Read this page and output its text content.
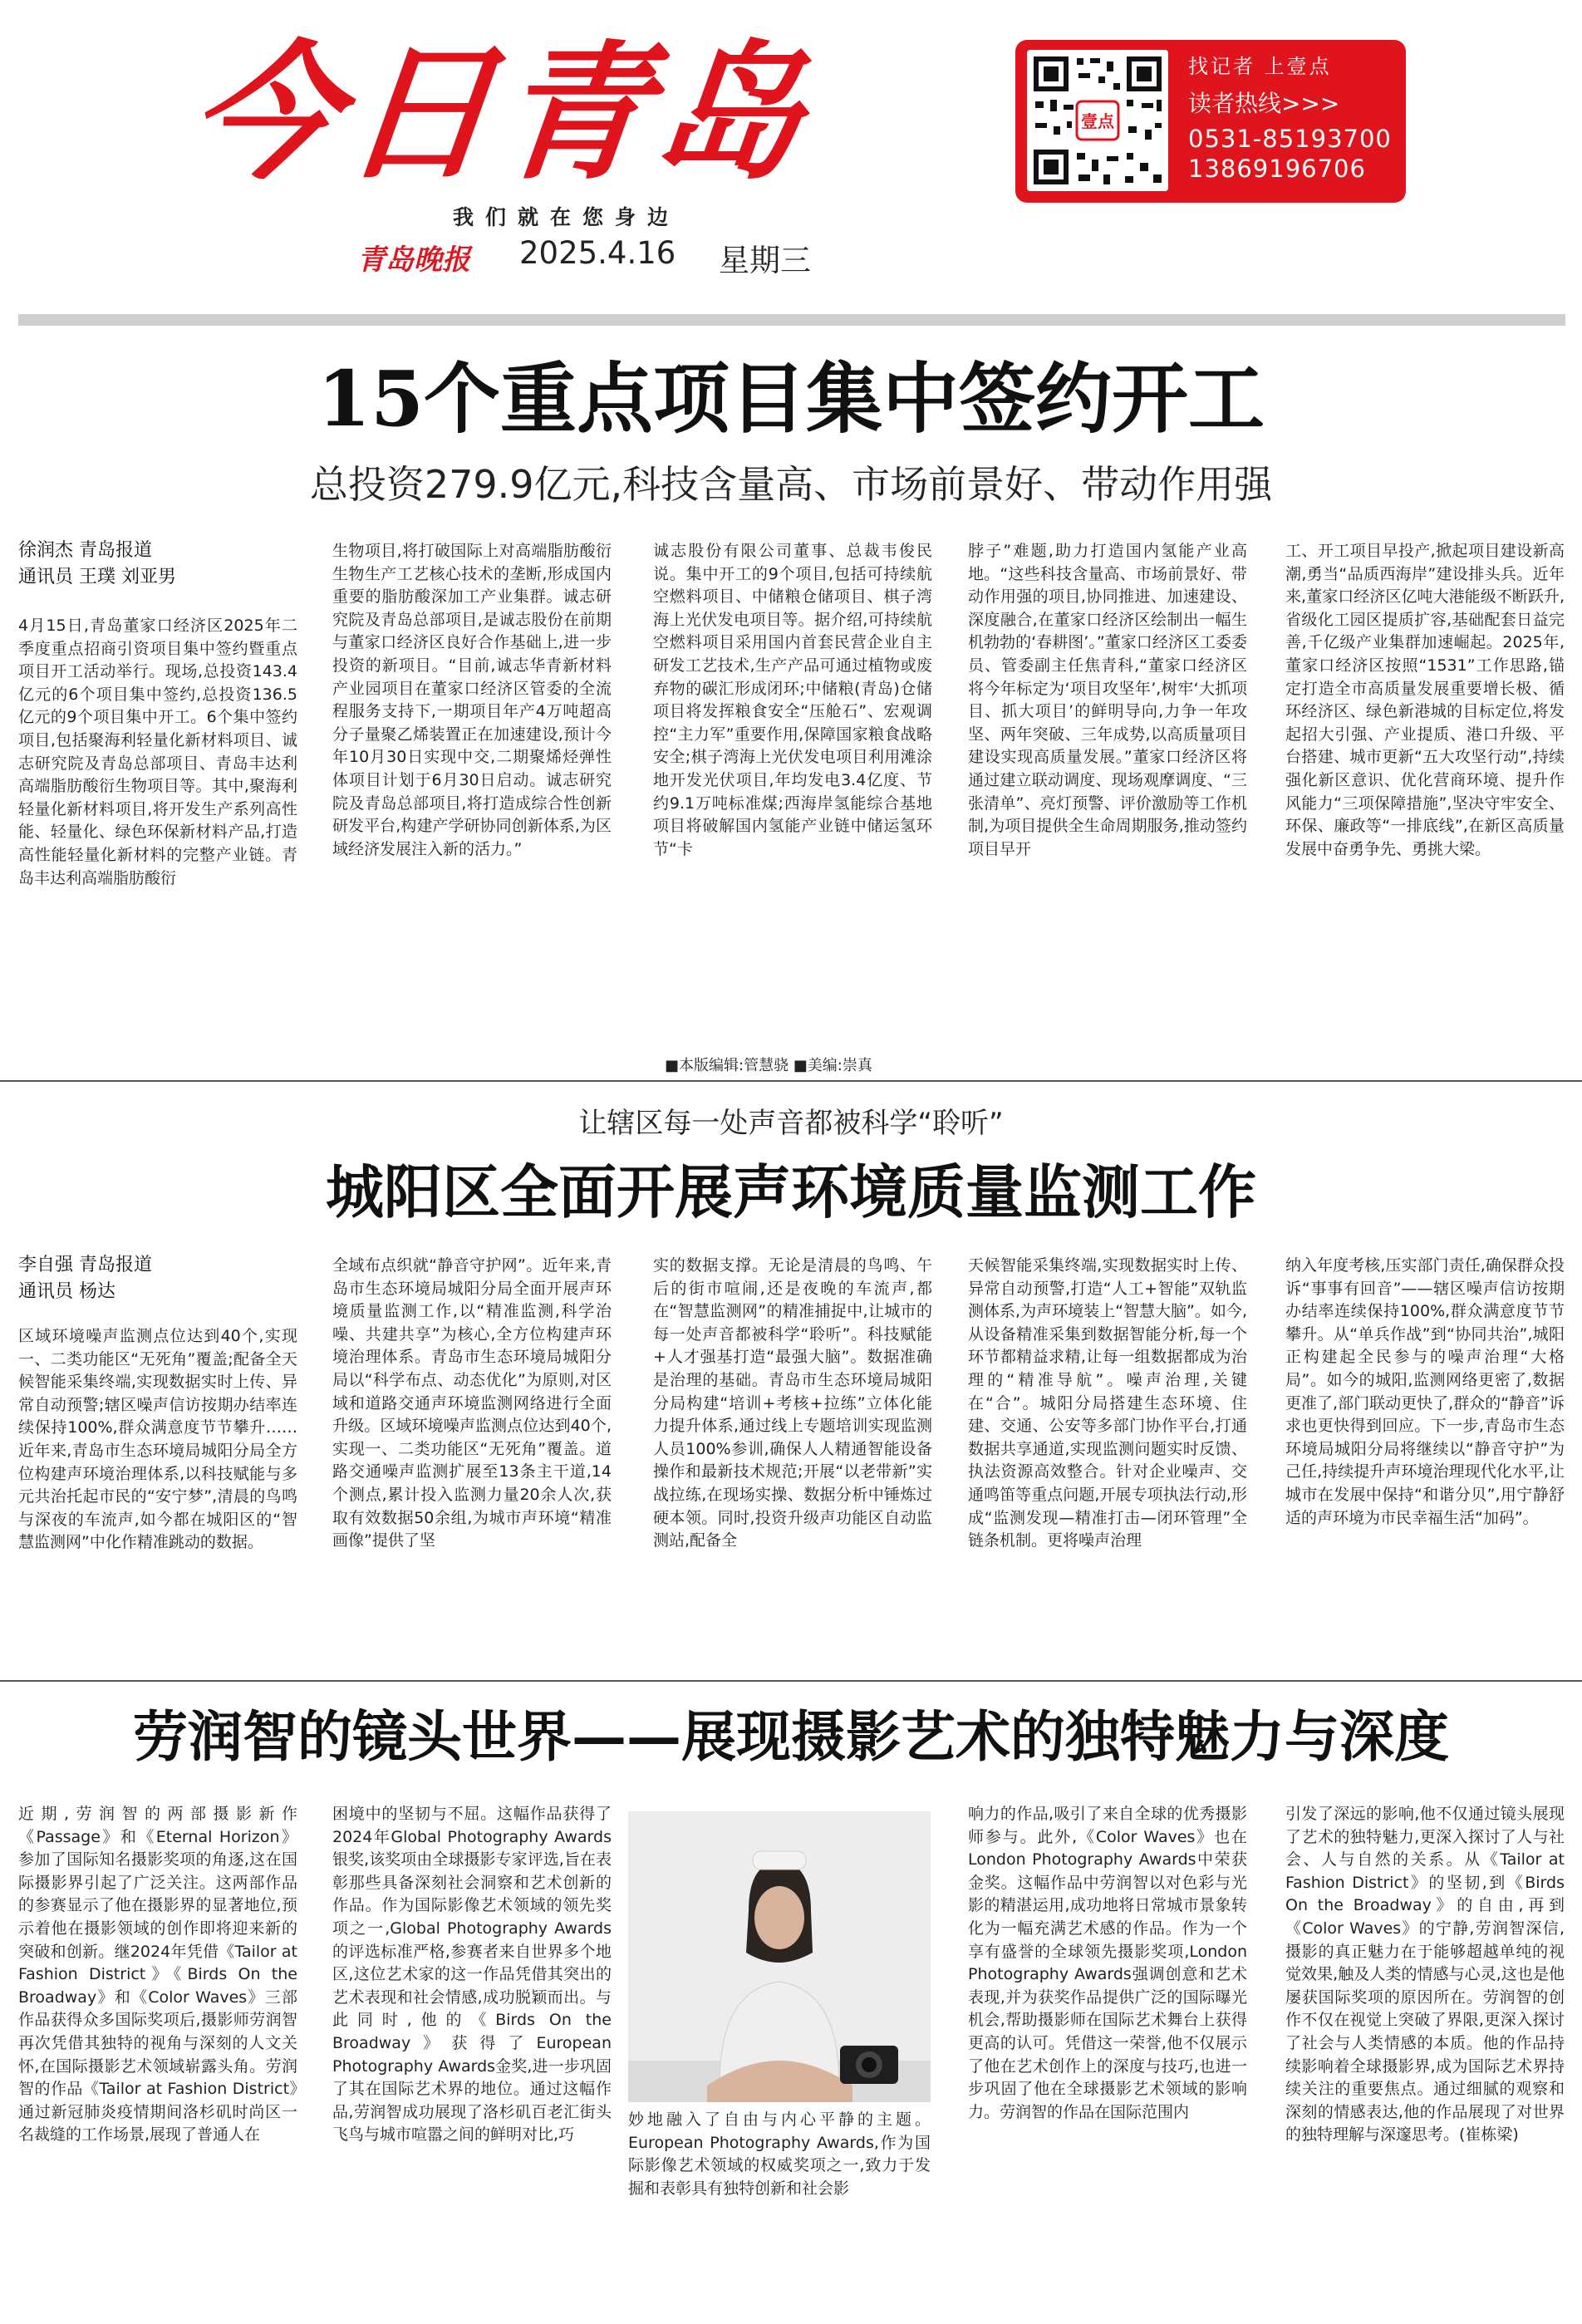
今日青岛
我们就在您身边
青岛晚报 2025.4.16 星期三
壹点
找记者 上壹点
读者热线>>>
0531-85193700
13869196706
15个重点项目集中签约开工
总投资279.9亿元,科技含量高、市场前景好、带动作用强
徐润杰 青岛报道
通讯员 王璞 刘亚男
4月15日,青岛董家口经济区2025年二季度重点招商引资项目集中签约暨重点项目开工活动举行。现场,总投资143.4亿元的6个项目集中签约,总投资136.5亿元的9个项目集中开工。6个集中签约项目,包括聚海利轻量化新材料项目、诚志研究院及青岛总部项目、青岛丰达利高端脂肪酸衍生物项目等。其中,聚海利轻量化新材料项目,将开发生产系列高性能、轻量化、绿色环保新材料产品,打造高性能轻量化新材料的完整产业链。青岛丰达利高端脂肪酸衍
生物项目,将打破国际上对高端脂肪酸衍生物生产工艺核心技术的垄断,形成国内重要的脂肪酸深加工产业集群。诚志研究院及青岛总部项目,是诚志股份在前期与董家口经济区良好合作基础上,进一步投资的新项目。“目前,诚志华青新材料产业园项目在董家口经济区管委的全流程服务支持下,一期项目年产4万吨超高分子量聚乙烯装置正在加速建设,预计今年10月30日实现中交,二期聚烯烃弹性体项目计划于6月30日启动。诚志研究院及青岛总部项目,将打造成综合性创新研发平台,构建产学研协同创新体系,为区域经济发展注入新的活力。”
诚志股份有限公司董事、总裁韦俊民说。集中开工的9个项目,包括可持续航空燃料项目、中储粮仓储项目、棋子湾海上光伏发电项目等。据介绍,可持续航空燃料项目采用国内首套民营企业自主研发工艺技术,生产产品可通过植物或废弃物的碳汇形成闭环;中储粮(青岛)仓储项目将发挥粮食安全“压舱石”、宏观调控“主力军”重要作用,保障国家粮食战略安全;棋子湾海上光伏发电项目利用滩涂地开发光伏项目,年均发电3.4亿度、节约9.1万吨标准煤;西海岸氢能综合基地项目将破解国内氢能产业链中储运氢环节“卡
脖子”难题,助力打造国内氢能产业高地。“这些科技含量高、市场前景好、带动作用强的项目,协同推进、加速建设、深度融合,在董家口经济区绘制出一幅生机勃勃的‘春耕图’。”董家口经济区工委委员、管委副主任焦青科,“董家口经济区将今年标定为‘项目攻坚年’,树牢‘大抓项目、抓大项目’的鲜明导向,力争一年攻坚、两年突破、三年成势,以高质量项目建设实现高质量发展。”董家口经济区将通过建立联动调度、现场观摩调度、“三张清单”、亮灯预警、评价激励等工作机制,为项目提供全生命周期服务,推动签约项目早开
工、开工项目早投产,掀起项目建设新高潮,勇当“品质西海岸”建设排头兵。近年来,董家口经济区亿吨大港能级不断跃升,省级化工园区提质扩容,基础配套日益完善,千亿级产业集群加速崛起。2025年,董家口经济区按照“1531”工作思路,锚定打造全市高质量发展重要增长极、循环经济区、绿色新港城的目标定位,将发起招大引强、产业提质、港口升级、平台搭建、城市更新“五大攻坚行动”,持续强化新区意识、优化营商环境、提升作风能力“三项保障措施”,坚决守牢安全、环保、廉政等“一排底线”,在新区高质量发展中奋勇争先、勇挑大梁。
■本版编辑:管慧骁 ■美编:崇真
让辖区每一处声音都被科学“聆听”
城阳区全面开展声环境质量监测工作
李自强 青岛报道
通讯员 杨达
区域环境噪声监测点位达到40个,实现一、二类功能区“无死角”覆盖;配备全天候智能采集终端,实现数据实时上传、异常自动预警;辖区噪声信访按期办结率连续保持100%,群众满意度节节攀升……近年来,青岛市生态环境局城阳分局全方位构建声环境治理体系,以科技赋能与多元共治托起市民的“安宁梦”,清晨的鸟鸣与深夜的车流声,如今都在城阳区的“智慧监测网”中化作精准跳动的数据。
全域布点织就“静音守护网”。近年来,青岛市生态环境局城阳分局全面开展声环境质量监测工作,以“精准监测,科学治噪、共建共享”为核心,全方位构建声环境治理体系。青岛市生态环境局城阳分局以“科学布点、动态优化”为原则,对区域和道路交通声环境监测网络进行全面升级。区域环境噪声监测点位达到40个,实现一、二类功能区“无死角”覆盖。道路交通噪声监测扩展至13条主干道,14个测点,累计投入监测力量20余人次,获取有效数据50余组,为城市声环境“精准画像”提供了坚
实的数据支撑。无论是清晨的鸟鸣、午后的街市喧闹,还是夜晚的车流声,都在“智慧监测网”的精准捕捉中,让城市的每一处声音都被科学“聆听”。科技赋能+人才强基打造“最强大脑”。数据准确是治理的基础。青岛市生态环境局城阳分局构建“培训+考核+拉练”立体化能力提升体系,通过线上专题培训实现监测人员100%参训,确保人人精通智能设备操作和最新技术规范;开展“以老带新”实战拉练,在现场实操、数据分析中锤炼过硬本领。同时,投资升级声功能区自动监测站,配备全
天候智能采集终端,实现数据实时上传、异常自动预警,打造“人工+智能”双轨监测体系,为声环境装上“智慧大脑”。如今,从设备精准采集到数据智能分析,每一个环节都精益求精,让每一组数据都成为治理的“精准导航”。噪声治理,关键在“合”。城阳分局搭建生态环境、住建、交通、公安等多部门协作平台,打通数据共享通道,实现监测问题实时反馈、执法资源高效整合。针对企业噪声、交通鸣笛等重点问题,开展专项执法行动,形成“监测发现—精准打击—闭环管理”全链条机制。更将噪声治理
纳入年度考核,压实部门责任,确保群众投诉“事事有回音”——辖区噪声信访按期办结率连续保持100%,群众满意度节节攀升。从“单兵作战”到“协同共治”,城阳正构建起全民参与的噪声治理“大格局”。如今的城阳,监测网络更密了,数据更准了,部门联动更快了,群众的“静音”诉求也更快得到回应。下一步,青岛市生态环境局城阳分局将继续以“静音守护”为己任,持续提升声环境治理现代化水平,让城市在发展中保持“和谐分贝”,用宁静舒适的声环境为市民幸福生活“加码”。
劳润智的镜头世界——展现摄影艺术的独特魅力与深度
近期,劳润智的两部摄影新作《Passage》和《Eternal Horizon》参加了国际知名摄影奖项的角逐,这在国际摄影界引起了广泛关注。这两部作品的参赛显示了他在摄影界的显著地位,预示着他在摄影领域的创作即将迎来新的突破和创新。继2024年凭借《Tailor at Fashion District》《Birds On the Broadway》和《Color Waves》三部作品获得众多国际奖项后,摄影师劳润智再次凭借其独特的视角与深刻的人文关怀,在国际摄影艺术领域崭露头角。劳润智的作品《Tailor at Fashion District》通过新冠肺炎疫情期间洛杉矶时尚区一名裁缝的工作场景,展现了普通人在
困境中的坚韧与不屈。这幅作品获得了2024年Global Photography Awards银奖,该奖项由全球摄影专家评选,旨在表彰那些具备深刻社会洞察和艺术创新的作品。作为国际影像艺术领域的领先奖项之一,Global Photography Awards的评选标准严格,参赛者来自世界多个地区,这位艺术家的这一作品凭借其突出的艺术表现和社会情感,成功脱颖而出。与此同时,他的《Birds On the Broadway》获得了European Photography Awards金奖,进一步巩固了其在国际艺术界的地位。通过这幅作品,劳润智成功展现了洛杉矶百老汇街头飞鸟与城市喧嚣之间的鲜明对比,巧
妙地融入了自由与内心平静的主题。European Photography Awards,作为国际影像艺术领域的权威奖项之一,致力于发掘和表彰具有独特创新和社会影
响力的作品,吸引了来自全球的优秀摄影师参与。此外,《Color Waves》也在London Photography Awards中荣获金奖。这幅作品中劳润智以对色彩与光影的精湛运用,成功地将日常城市景象转化为一幅充满艺术感的作品。作为一个享有盛誉的全球领先摄影奖项,London Photography Awards强调创意和艺术表现,并为获奖作品提供广泛的国际曝光机会,帮助摄影师在国际艺术舞台上获得更高的认可。凭借这一荣誉,他不仅展示了他在艺术创作上的深度与技巧,也进一步巩固了他在全球摄影艺术领域的影响力。劳润智的作品在国际范围内
引发了深远的影响,他不仅通过镜头展现了艺术的独特魅力,更深入探讨了人与社会、人与自然的关系。从《Tailor at Fashion District》的坚韧,到《Birds On the Broadway》的自由,再到《Color Waves》的宁静,劳润智深信,摄影的真正魅力在于能够超越单纯的视觉效果,触及人类的情感与心灵,这也是他屡获国际奖项的原因所在。劳润智的创作不仅在视觉上突破了界限,更深入探讨了社会与人类情感的本质。他的作品持续影响着全球摄影界,成为国际艺术界持续关注的重要焦点。通过细腻的观察和深刻的情感表达,他的作品展现了对世界的独特理解与深邃思考。(崔栋梁)
